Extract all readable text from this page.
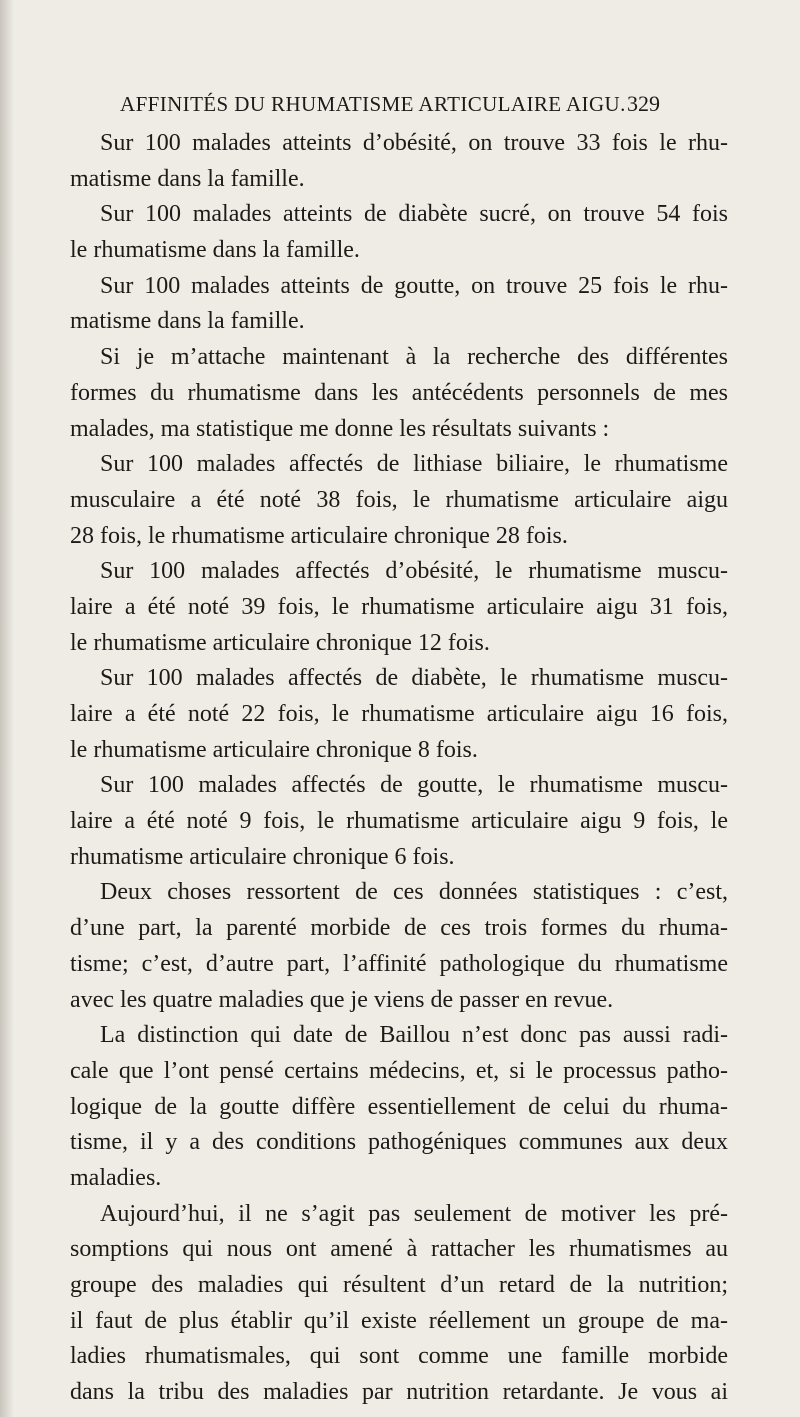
AFFINITÉS DU RHUMATISME ARTICULAIRE AIGU. 329
Sur 100 malades atteints d’obésité, on trouve 33 fois le rhu-
matisme dans la famille.
Sur 100 malades atteints de diabète sucré, on trouve 54 fois
le rhumatisme dans la famille.
Sur 100 malades atteints de goutte, on trouve 25 fois le rhu-
matisme dans la famille.
Si je m’attache maintenant à la recherche des différentes
formes du rhumatisme dans les antécédents personnels de mes
malades, ma statistique me donne les résultats suivants :
Sur 100 malades affectés de lithiase biliaire, le rhumatisme
musculaire a été noté 38 fois, le rhumatisme articulaire aigu
28 fois, le rhumatisme articulaire chronique 28 fois.
Sur 100 malades affectés d’obésité, le rhumatisme muscu-
laire a été noté 39 fois, le rhumatisme articulaire aigu 31 fois,
le rhumatisme articulaire chronique 12 fois.
Sur 100 malades affectés de diabète, le rhumatisme muscu-
laire a été noté 22 fois, le rhumatisme articulaire aigu 16 fois,
le rhumatisme articulaire chronique 8 fois.
Sur 100 malades affectés de goutte, le rhumatisme muscu-
laire a été noté 9 fois, le rhumatisme articulaire aigu 9 fois, le
rhumatisme articulaire chronique 6 fois.
Deux choses ressortent de ces données statistiques : c’est,
d’une part, la parenté morbide de ces trois formes du rhuma-
tisme; c’est, d’autre part, l’affinité pathologique du rhumatisme
avec les quatre maladies que je viens de passer en revue.
La distinction qui date de Baillou n’est donc pas aussi radi-
cale que l’ont pensé certains médecins, et, si le processus patho-
logique de la goutte diffère essentiellement de celui du rhuma-
tisme, il y a des conditions pathogéniques communes aux deux
maladies.
Aujourd’hui, il ne s’agit pas seulement de motiver les pré-
somptions qui nous ont amené à rattacher les rhumatismes au
groupe des maladies qui résultent d’un retard de la nutrition;
il faut de plus établir qu’il existe réellement un groupe de ma-
ladies rhumatismales, qui sont comme une famille morbide
dans la tribu des maladies par nutrition retardante. Je vous ai
